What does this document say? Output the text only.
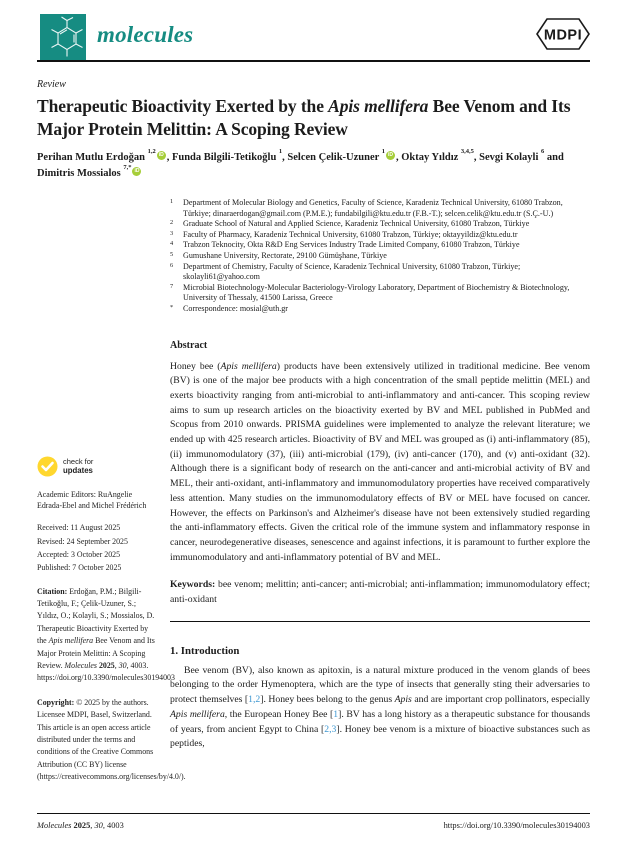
molecules	MDPI
Review
Therapeutic Bioactivity Exerted by the Apis mellifera Bee Venom and Its Major Protein Melittin: A Scoping Review
Perihan Mutlu Erdoğan $^{1,2}$ iD , Funda Bilgili-Tetikoğlu $^1$, Selcen Çelik-Uzuner $^1$ iD , Oktay Yıldız $^{3,4,5}$, Sevgi Kolayli $^6$ and Dimitris Mossialos $^{7,*}$ iD
check for
updates
Academic Editors: RuAngelie Edrada-Ebel and Michel Frédérich

Received: 11 August 2025

Revised: 24 September 2025

Accepted: 3 October 2025

Published: 7 October 2025

Citation: Erdoğan, P.M.; Bilgili-Tetikoğlu, F.; Çelik-Uzuner, S.; Yıldız, O.; Kolayli, S.; Mossialos, D. Therapeutic Bioactivity Exerted by the Apis mellifera Bee Venom and Its Major Protein Melittin: A Scoping Review. Molecules 2025, 30, 4003. https://doi.org/10.3390/molecules30194003
Copyright: © 2025 by the authors. Licensee MDPI, Basel, Switzerland. This article is an open access article distributed under the terms and conditions of the Creative Commons Attribution (CC BY) license (https://creativecommons.org/licenses/by/4.0/).
1	Department of Molecular Biology and Genetics, Faculty of Science, Karadeniz Technical University, 61080 Trabzon, Türkiye; dinaraerdogan@gmail.com (P.M.E.); fundabilgili@ktu.edu.tr (F.B.-T.); selcen.celik@ktu.edu.tr (S.Ç.-U.)
2	Graduate School of Natural and Applied Science, Karadeniz Technical University, 61080 Trabzon, Türkiye
3	Faculty of Pharmacy, Karadeniz Technical University, 61080 Trabzon, Türkiye; oktayyildiz@ktu.edu.tr
4	Trabzon Teknocity, Okta R&D Eng Services Industry Trade Limited Company, 61080 Trabzon, Türkiye
5	Gumushane University, Rectorate, 29100 Gümüşhane, Türkiye
6	Department of Chemistry, Faculty of Science, Karadeniz Technical University, 61080 Trabzon, Türkiye; skolayli61@yahoo.com
7	Microbial Biotechnology-Molecular Bacteriology-Virology Laboratory, Department of Biochemistry & Biotechnology, University of Thessaly, 41500 Larissa, Greece
*	Correspondence: mosial@uth.gr
Abstract

Honey bee (Apis mellifera) products have been extensively utilized in traditional medicine. Bee venom (BV) is one of the major bee products with a high concentration of the small peptide melittin (MEL) and exerts bioactivity ranging from anti-microbial to anti-inflammatory and anti-cancer. This scoping review aims to sum up research articles on the bioactivity exerted by BV and MEL published in PubMed and Scopus from 2010 onwards. PRISMA guidelines were implemented to analyze the relevant literature; we ended up with 425 research articles. Bioactivity of BV and MEL was grouped as (i) anti-inflammatory (85), (ii) immunomodulatory (37), (iii) anti-microbial (179), (iv) anti-cancer (170), and (v) anti-oxidant (32). Although there is a significant body of research on the anti-cancer and anti-microbial activity of BV and MEL, their anti-oxidant, anti-inflammatory and immunomodulatory properties have received comparatively less attention. Many studies on the immunomodulatory effects of BV or MEL have focused on cancer. However, the effects on Parkinson's and Alzheimer's disease have not been extensively studied regarding the anti-inflammatory effects. Given the critical role of the immune system and inflammatory response in cancer, neurodegenerative diseases, senescence and against infections, it is paramount to further explore the immunomodulatory and anti-inflammatory potential of BV and MEL.

Keywords: bee venom; melittin; anti-cancer; anti-microbial; anti-inflammation; immunomodulatory effect; anti-oxidant

1. Introduction

Bee venom (BV), also known as apitoxin, is a natural mixture produced in the venom glands of bees belonging to the order Hymenoptera, which are the type of insects that generally sting their adversaries to protect themselves [1,2]. Honey bees belong to the genus Apis and are important crop pollinators, especially Apis mellifera, the European Honey Bee [1]. BV has a long history as a therapeutic substance for thousands of years, from ancient Egypt to China [2,3]. Honey bee venom is a mixture of bioactive substances such as peptides,

Molecules 2025, 30, 4003	https://doi.org/10.3390/molecules30194003
